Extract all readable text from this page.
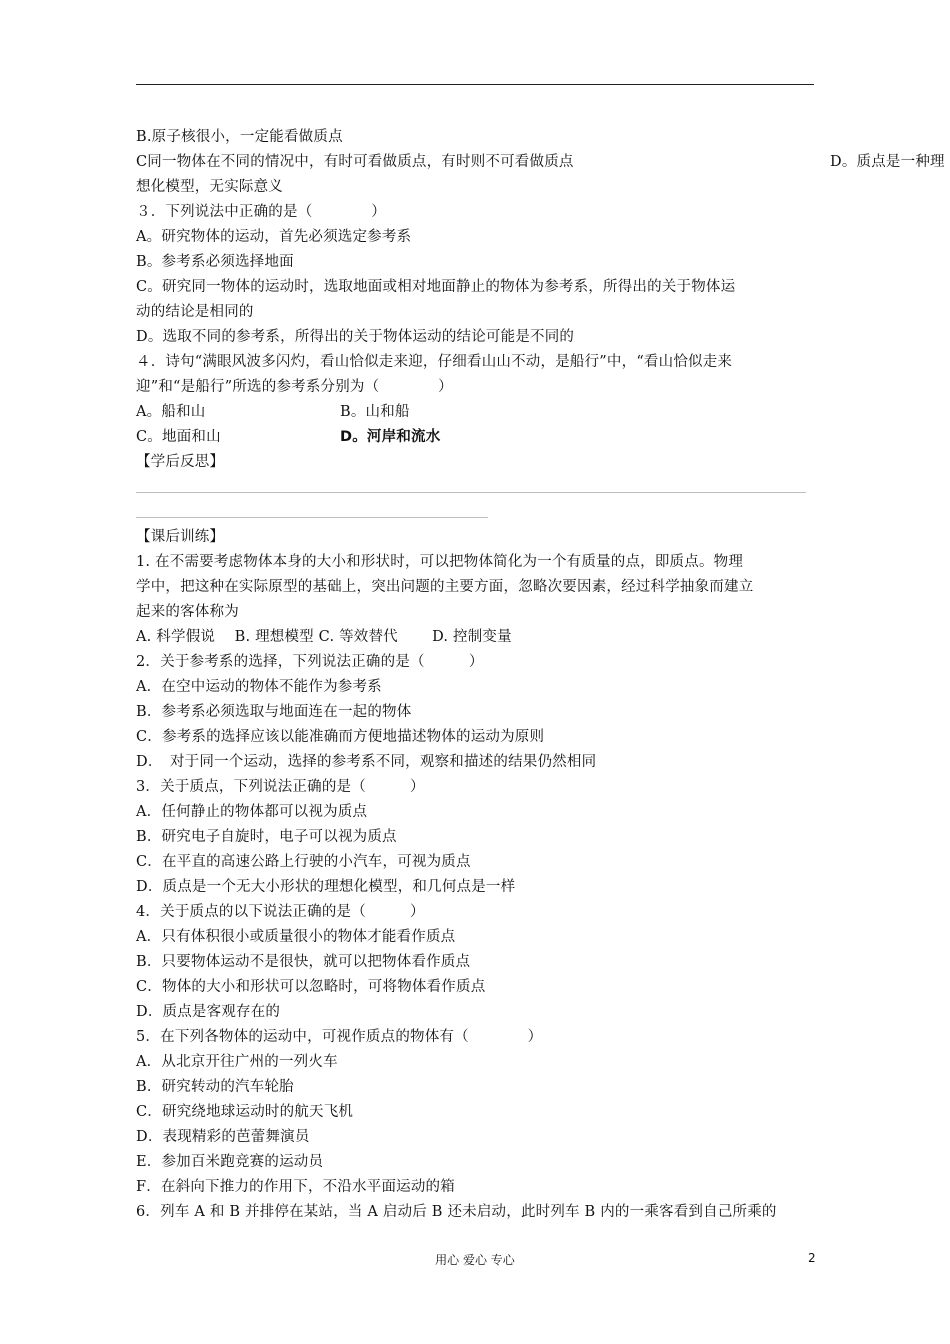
B.原子核很小，一定能看做质点
C同一物体在不同的情况中，有时可看做质点，有时则不可看做质点	D。质点是一种理
想化模型，无实际意义
３．下列说法中正确的是（　　　　）
A。研究物体的运动，首先必须选定参考系
B。参考系必须选择地面
C。研究同一物体的运动时，选取地面或相对地面静止的物体为参考系，所得出的关于物体运
动的结论是相同的
D。选取不同的参考系，所得出的关于物体运动的结论可能是不同的
４．诗句“满眼风波多闪灼，看山恰似走来迎，仔细看山山不动，是船行”中，“看山恰似走来
迎”和“是船行”所选的参考系分别为（　　　　）
A。船和山	B。山和船
C。地面和山	D。河岸和流水
【学后反思】
【课后训练】
1. 在不需要考虑物体本身的大小和形状时，可以把物体简化为一个有质量的点，即质点。物理
学中，把这种在实际原型的基础上，突出问题的主要方面，忽略次要因素，经过科学抽象而建立
起来的客体称为
A. 科学假说　 B. 理想模型 C. 等效替代　　 D. 控制变量
2．关于参考系的选择，下列说法正确的是（　　　）
A．在空中运动的物体不能作为参考系
B．参考系必须选取与地面连在一起的物体
C．参考系的选择应该以能准确而方便地描述物体的运动为原则
D．　对于同一个运动，选择的参考系不同，观察和描述的结果仍然相同
3．关于质点，下列说法正确的是（　　　）
A．任何静止的物体都可以视为质点
B．研究电子自旋时，电子可以视为质点
C．在平直的高速公路上行驶的小汽车，可视为质点
D．质点是一个无大小形状的理想化模型，和几何点是一样
4．关于质点的以下说法正确的是（　　　）
A．只有体积很小或质量很小的物体才能看作质点
B．只要物体运动不是很快，就可以把物体看作质点
C．物体的大小和形状可以忽略时，可将物体看作质点
D．质点是客观存在的
5．在下列各物体的运动中，可视作质点的物体有（　　　　）
A．从北京开往广州的一列火车
B．研究转动的汽车轮胎
C．研究绕地球运动时的航天飞机
D．表现精彩的芭蕾舞演员
E．参加百米跑竞赛的运动员
F．在斜向下推力的作用下，不沿水平面运动的箱
6．列车 A 和 B 并排停在某站，当 A 启动后 B 还未启动，此时列车 B 内的一乘客看到自己所乘的
用心 爱心 专心	2
